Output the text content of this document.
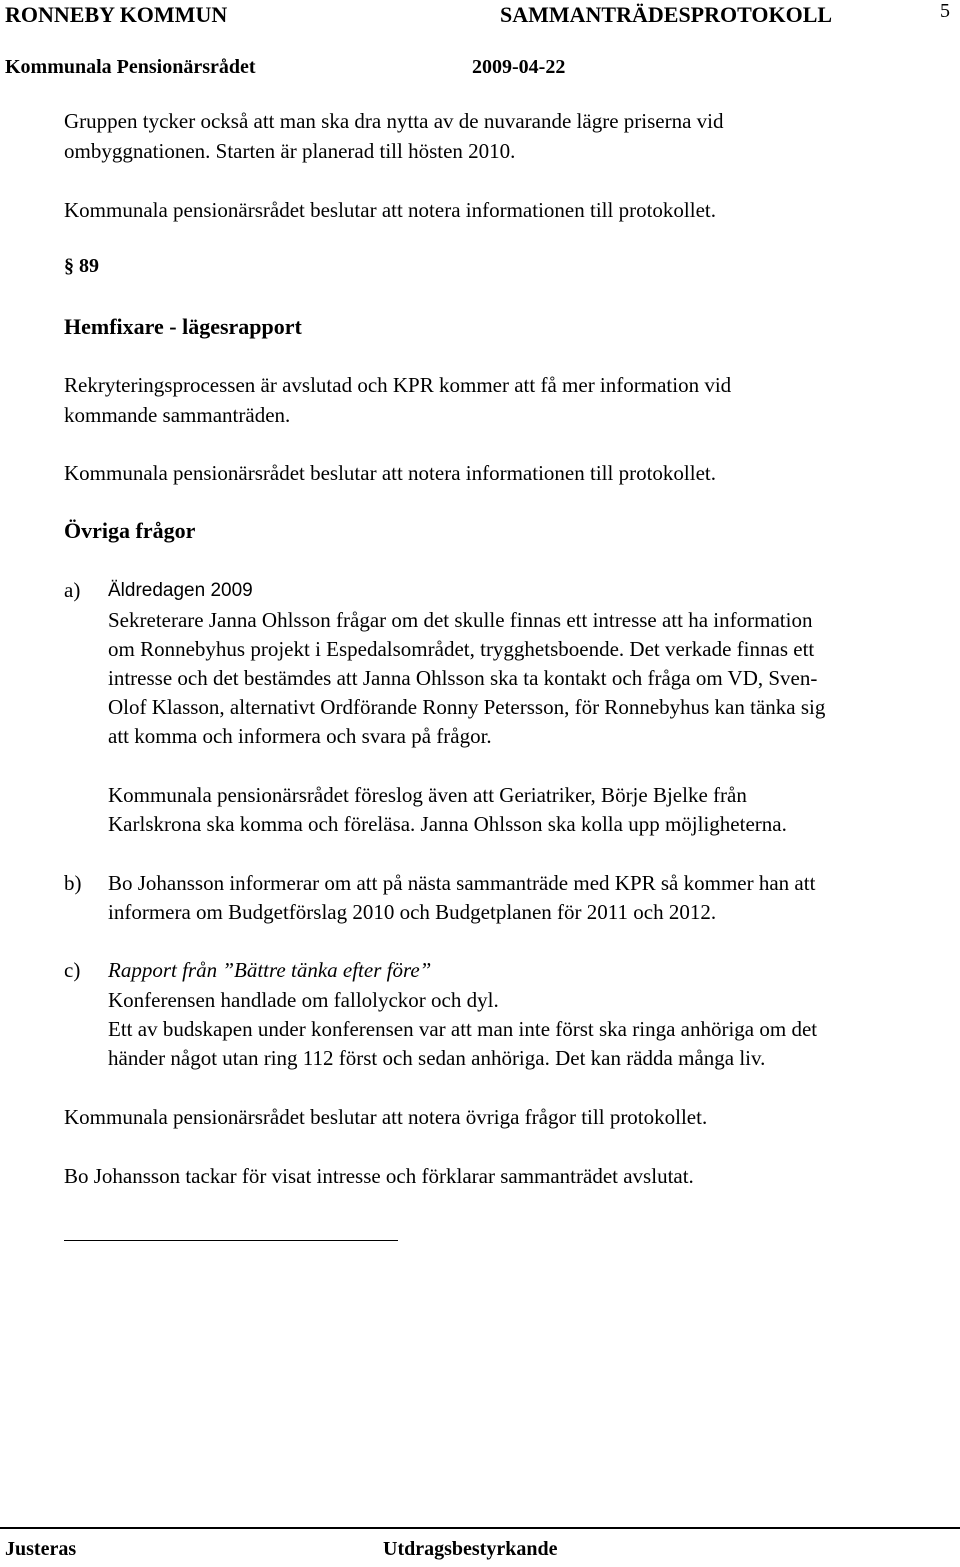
RONNEBY KOMMUN	SAMMANTRÄDESPROTOKOLL	5
Kommunala Pensionärsrådet	2009-04-22
Gruppen tycker också att man ska dra nytta av de nuvarande lägre priserna vid
ombyggnationen. Starten är planerad till hösten 2010.
Kommunala pensionärsrådet beslutar att notera informationen till protokollet.
§ 89
Hemfixare - lägesrapport
Rekryteringsprocessen är avslutad och KPR kommer att få mer information vid
kommande sammanträden.
Kommunala pensionärsrådet beslutar att notera informationen till protokollet.
Övriga frågor
a) Äldredagen 2009
Sekreterare Janna Ohlsson frågar om det skulle finnas ett intresse att ha information
om Ronnebyhus projekt i Espedalsområdet, trygghetsboende. Det verkade finnas ett
intresse och det bestämdes att Janna Ohlsson ska ta kontakt och fråga om VD, Sven-
Olof Klasson, alternativt Ordförande Ronny Petersson, för Ronnebyhus kan tänka sig
att komma och informera och svara på frågor.
Kommunala pensionärsrådet föreslog även att Geriatriker, Börje Bjelke från
Karlskrona ska komma och föreläsa. Janna Ohlsson ska kolla upp möjligheterna.
b) Bo Johansson informerar om att på nästa sammanträde med KPR så kommer han att
informera om Budgetförslag 2010 och Budgetplanen för 2011 och 2012.
c) Rapport från ”Bättre tänka efter före”
Konferensen handlade om fallolyckor och dyl.
Ett av budskapen under konferensen var att man inte först ska ringa anhöriga om det
händer något utan ring 112 först och sedan anhöriga. Det kan rädda många liv.
Kommunala pensionärsrådet beslutar att notera övriga frågor till protokollet.
Bo Johansson tackar för visat intresse och förklarar sammanträdet avslutat.
Justeras	Utdragsbestyrkande
